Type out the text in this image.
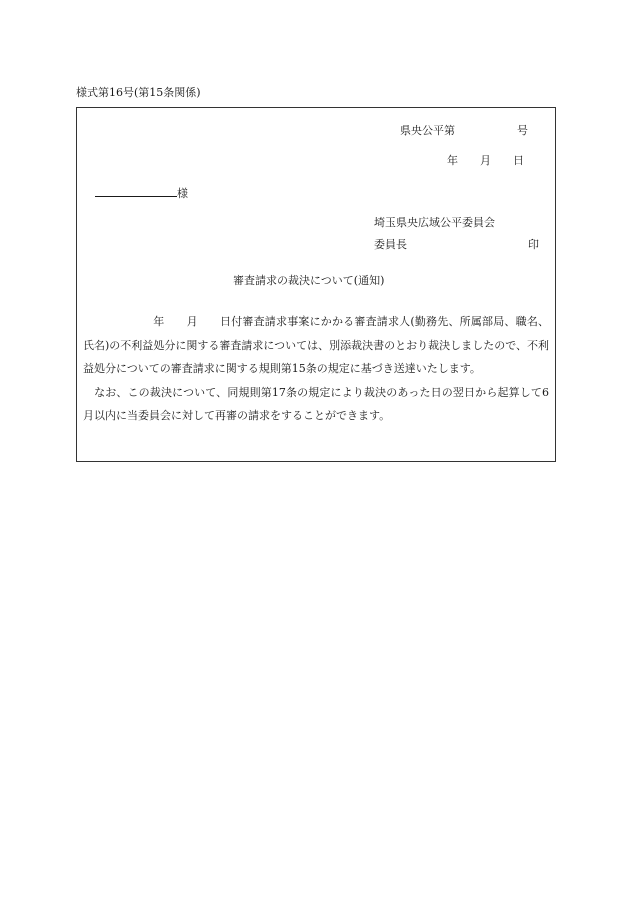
様式第16号(第15条関係)
県央公平第	号
年 月 日
様
埼玉県央広域公平委員会
委員長	印
審査請求の裁決について(通知)

年 月 日付審査請求事案にかかる審査請求人(勤務先、所属部局、職名、氏名)の不利益処分に関する審査請求については、別添裁決書のとおり裁決しましたので、不利益処分についての審査請求に関する規則第15条の規定に基づき送達いたします。

なお、この裁決について、同規則第17条の規定により裁決のあった日の翌日から起算して6月以内に当委員会に対して再審の請求をすることができます。
